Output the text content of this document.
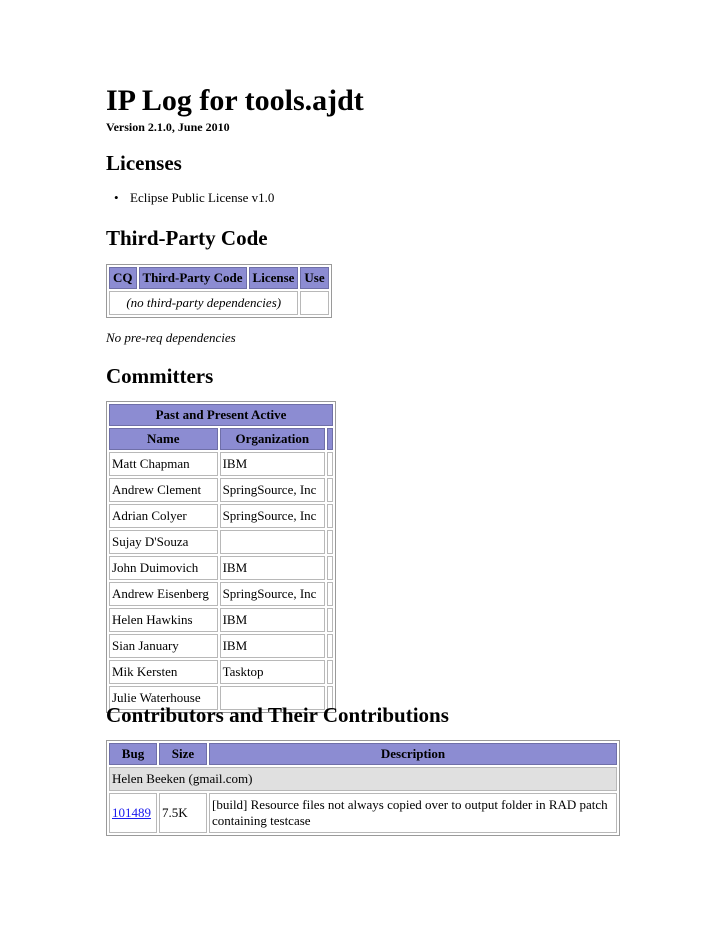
IP Log for tools.ajdt
Version 2.1.0, June 2010
Licenses
• Eclipse Public License v1.0
Third-Party Code
CQ	Third-Party Code	License	Use
(no third-party dependencies)			
No pre-req dependencies
Committers
Past and Present Active		
Name	Organization	
Matt Chapman	IBM	
Andrew Clement	SpringSource, Inc	
Adrian Colyer	SpringSource, Inc	
Sujay D'Souza		
John Duimovich	IBM	
Andrew Eisenberg	SpringSource, Inc	
Helen Hawkins	IBM	
Sian January	IBM	
Mik Kersten	Tasktop	
Julie Waterhouse		
Contributors and Their Contributions
Bug	Size	Description
Helen Beeken (gmail.com)		
101489	7.5K	[build] Resource files not always copied over to output folder in RAD patch containing testcase
